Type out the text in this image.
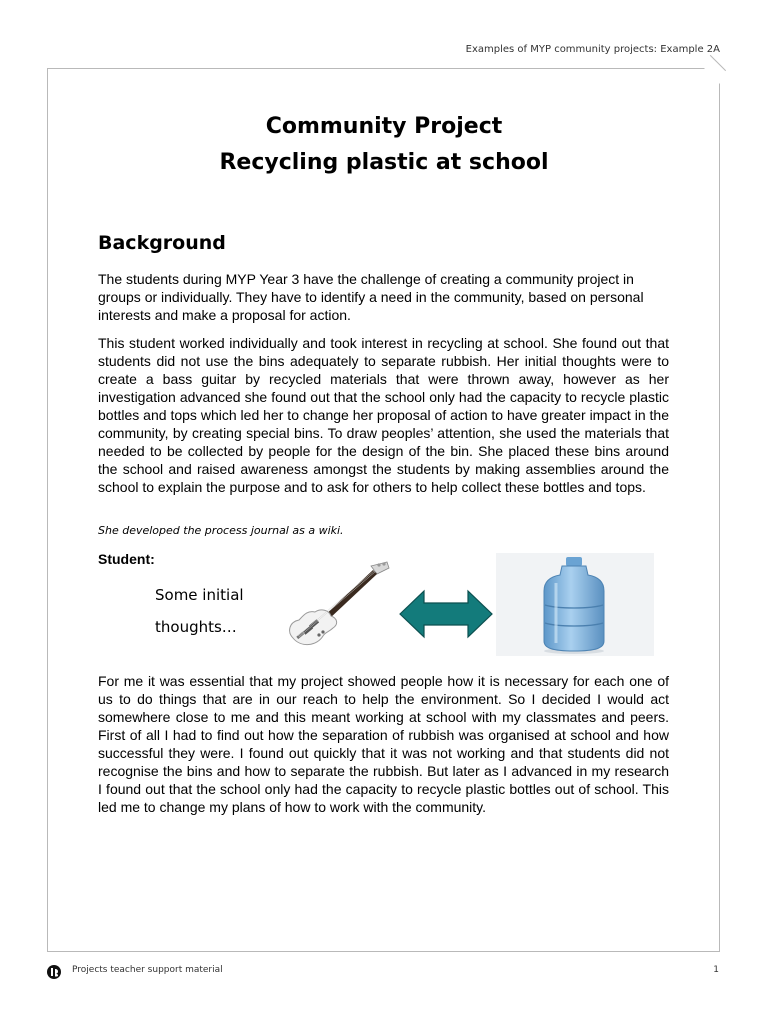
Examples of MYP community projects: Example 2A
Community Project
Recycling plastic at school
Background

The students during MYP Year 3 have the challenge of creating a community project in groups or individually. They have to identify a need in the community, based on personal interests and make a proposal for action.

This student worked individually and took interest in recycling at school. She found out that students did not use the bins adequately to separate rubbish. Her initial thoughts were to create a bass guitar by recycled materials that were thrown away, however as her investigation advanced she found out that the school only had the capacity to recycle plastic bottles and tops which led her to change her proposal of action to have greater impact in the community, by creating special bins. To draw peoples’ attention, she used the materials that needed to be collected by people for the design of the bin. She placed these bins around the school and raised awareness amongst the students by making assemblies around the school to explain the purpose and to ask for others to help collect these bottles and tops.

She developed the process journal as a wiki.
Student:
Some initial
thoughts…

For me it was essential that my project showed people how it is necessary for each one of us to do things that are in our reach to help the environment. So I decided I would act somewhere close to me and this meant working at school with my classmates and peers. First of all I had to find out how the separation of rubbish was organised at school and how successful they were. I found out quickly that it was not working and that students did not recognise the bins and how to separate the rubbish. But later as I advanced in my research I found out that the school only had the capacity to recycle plastic bottles out of school. This led me to change my plans of how to work with the community.

Projects teacher support material	1
